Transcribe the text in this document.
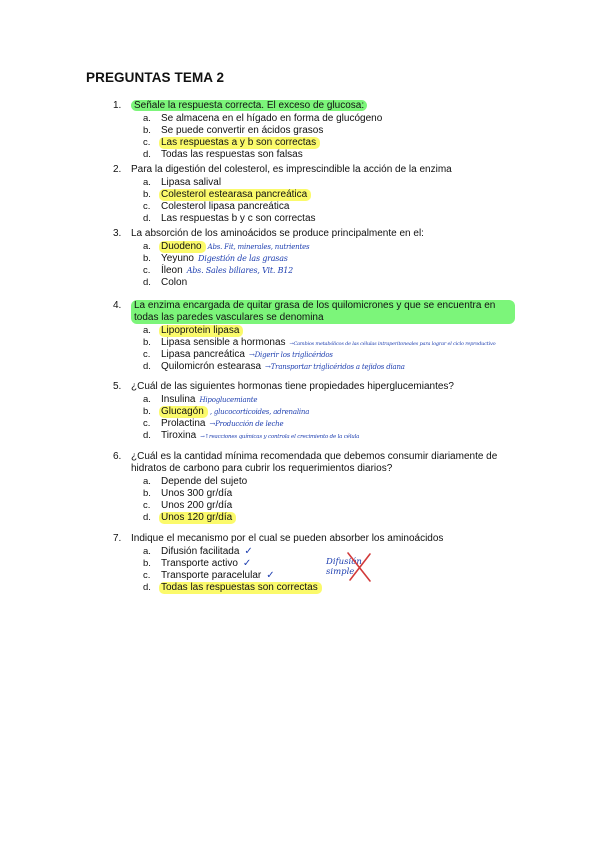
PREGUNTAS TEMA 2
1.	Señale la respuesta correcta. El exceso de glucosa:
a.	Se almacena en el hígado en forma de glucógeno
b.	Se puede convertir en ácidos grasos
c.	Las respuestas a y b son correctas
d.	Todas las respuestas son falsas
2. Para la digestión del colesterol, es imprescindible la acción de la enzima
a.	Lipasa salival
b.	Colesterol estearasa pancreática
c.	Colesterol lipasa pancreática
d.	Las respuestas b y c son correctas
3. La absorción de los aminoácidos se produce principalmente en el:
a.	Duodeno Abs. Fit, minerales, nutrientes
b.	Yeyuno Digestión de las grasas
c.	Íleon Abs. Sales biliares, Vit. B12
d.	Colon
4.	La enzima encargada de quitar grasa de los quilomicrones y que se encuentra en todas las paredes vasculares se denomina
a.	Lipoprotein lipasa
b.	Lipasa sensible a hormonas →Cambios metabólicos de las células intraperitoneales para lograr el ciclo reproductivo
c.	Lipasa pancreática →Digerir los triglicéridos
d.	Quilomicrón estearasa →Transportar triglicéridos a tejidos diana
5. ¿Cuál de las siguientes hormonas tiene propiedades hiperglucemiantes?
a.	Insulina Hipoglucemiante
b.	Glucagón , glucocorticoides, adrenalina
c.	Prolactina →Producción de leche
d.	Tiroxina →↑reacciones químicas y controla el crecimiento de la célula
6. ¿Cuál es la cantidad mínima recomendada que debemos consumir diariamente de hidratos de carbono para cubrir los requerimientos diarios?
a.	Depende del sujeto
b.	Unos 300 gr/día
c.	Unos 200 gr/día
d.	Unos 120 gr/día
7. Indique el mecanismo por el cual se pueden absorber los aminoácidos
a.	Difusión facilitada ✓
b.	Transporte activo ✓
c.	Transporte paracelular ✓
d.	Todas las respuestas son correctas
Difusión simple
